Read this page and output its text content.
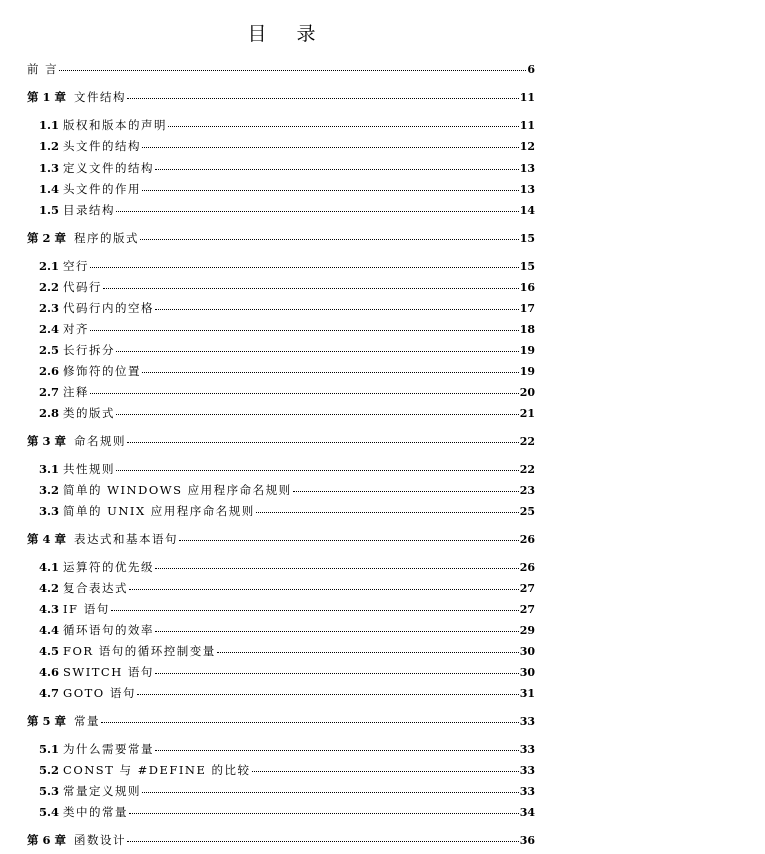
目 录
前 言	6
第 1 章 文件结构	11
1.1 版权和版本的声明	11
1.2 头文件的结构	12
1.3 定义文件的结构	13
1.4 头文件的作用	13
1.5 目录结构	14
第 2 章 程序的版式	15
2.1 空行	15
2.2 代码行	16
2.3 代码行内的空格	17
2.4 对齐	18
2.5 长行拆分	19
2.6 修饰符的位置	19
2.7 注释	20
2.8 类的版式	21
第 3 章 命名规则	22
3.1 共性规则	22
3.2 简单的 WINDOWS 应用程序命名规则	23
3.3 简单的 UNIX 应用程序命名规则	25
第 4 章 表达式和基本语句	26
4.1 运算符的优先级	26
4.2 复合表达式	27
4.3 IF 语句	27
4.4 循环语句的效率	29
4.5 FOR 语句的循环控制变量	30
4.6 SWITCH 语句	30
4.7 GOTO 语句	31
第 5 章 常量	33
5.1 为什么需要常量	33
5.2 CONST 与 #DEFINE 的比较	33
5.3 常量定义规则	33
5.4 类中的常量	34
第 6 章 函数设计	36
